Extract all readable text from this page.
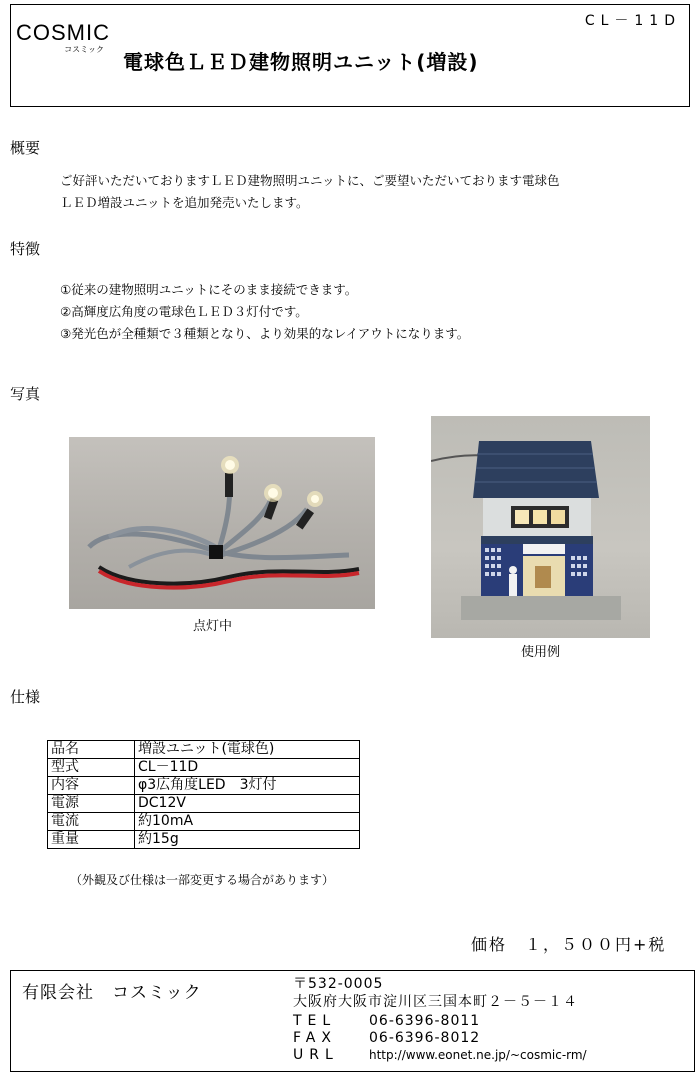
COSMIC
コスミック
CL－11D
電球色ＬＥＤ建物照明ユニット(増設)
概要
ご好評いただいておりますＬＥＤ建物照明ユニットに、ご要望いただいております電球色
ＬＥＤ増設ユニットを追加発売いたします。
特徴
①従来の建物照明ユニットにそのまま接続できます。
②高輝度広角度の電球色ＬＥＤ３灯付です。
③発光色が全種類で３種類となり、より効果的なレイアウトになります。
写真
点灯中
使用例
仕様
品名	増設ユニット(電球色)
型式	CL－11D
内容	φ3広角度LED　3灯付
電源	DC12V
電流	約10mA
重量	約15g
（外観及び仕様は一部変更する場合があります）
価格　１，５００円+税
有限会社　コスミック	〒532-0005
大阪府大阪市淀川区三国本町２－５－１４
TEL 06-6396-8011
FAX 06-6396-8012
URL	http://www.eonet.ne.jp/~cosmic-rm/
